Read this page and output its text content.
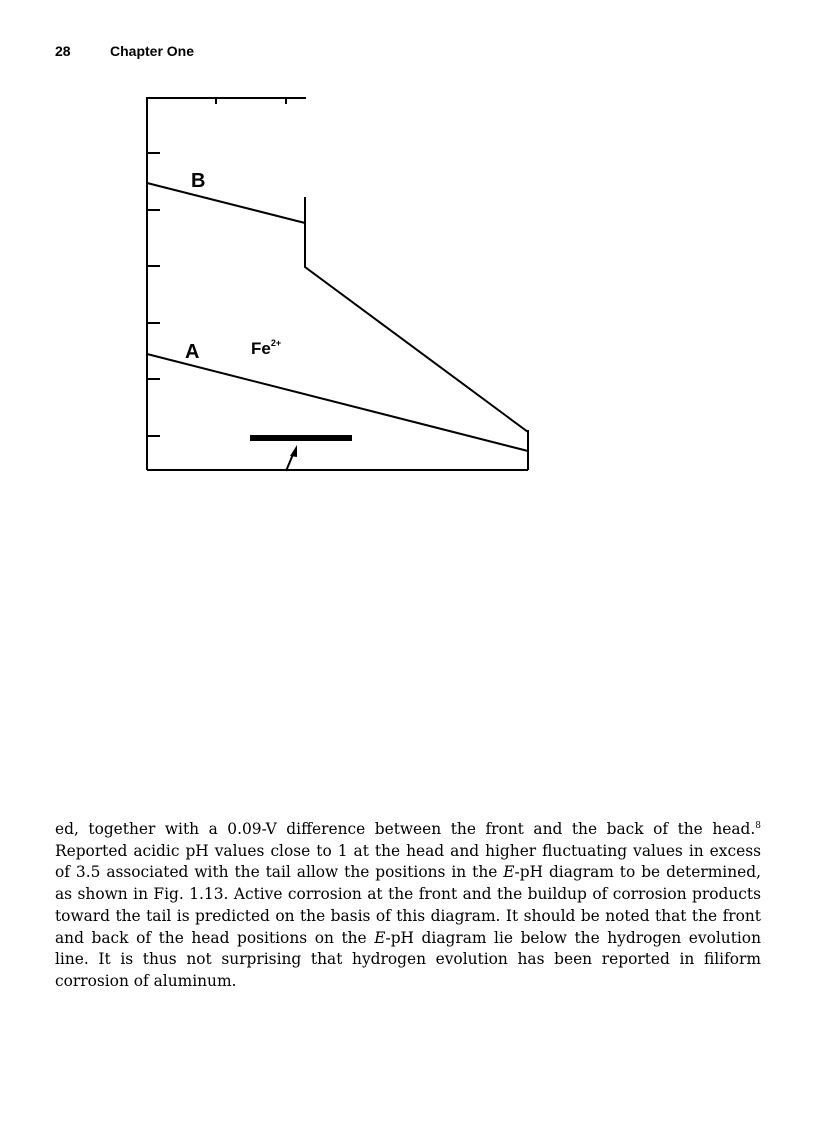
28	Chapter One
B
A	$Fe^{2+}$

ed, together with a 0.09-V difference between the front and the back of the head.$^8$ Reported acidic pH values close to 1 at the head and higher fluctuating values in excess of 3.5 associated with the tail allow the positions in the E-pH diagram to be determined, as shown in Fig. 1.13. Active corrosion at the front and the buildup of corrosion products toward the tail is predicted on the basis of this diagram. It should be noted that the front and back of the head positions on the E-pH diagram lie below the hydrogen evolution line. It is thus not surprising that hydrogen evolution has been reported in filiform corrosion of aluminum.
